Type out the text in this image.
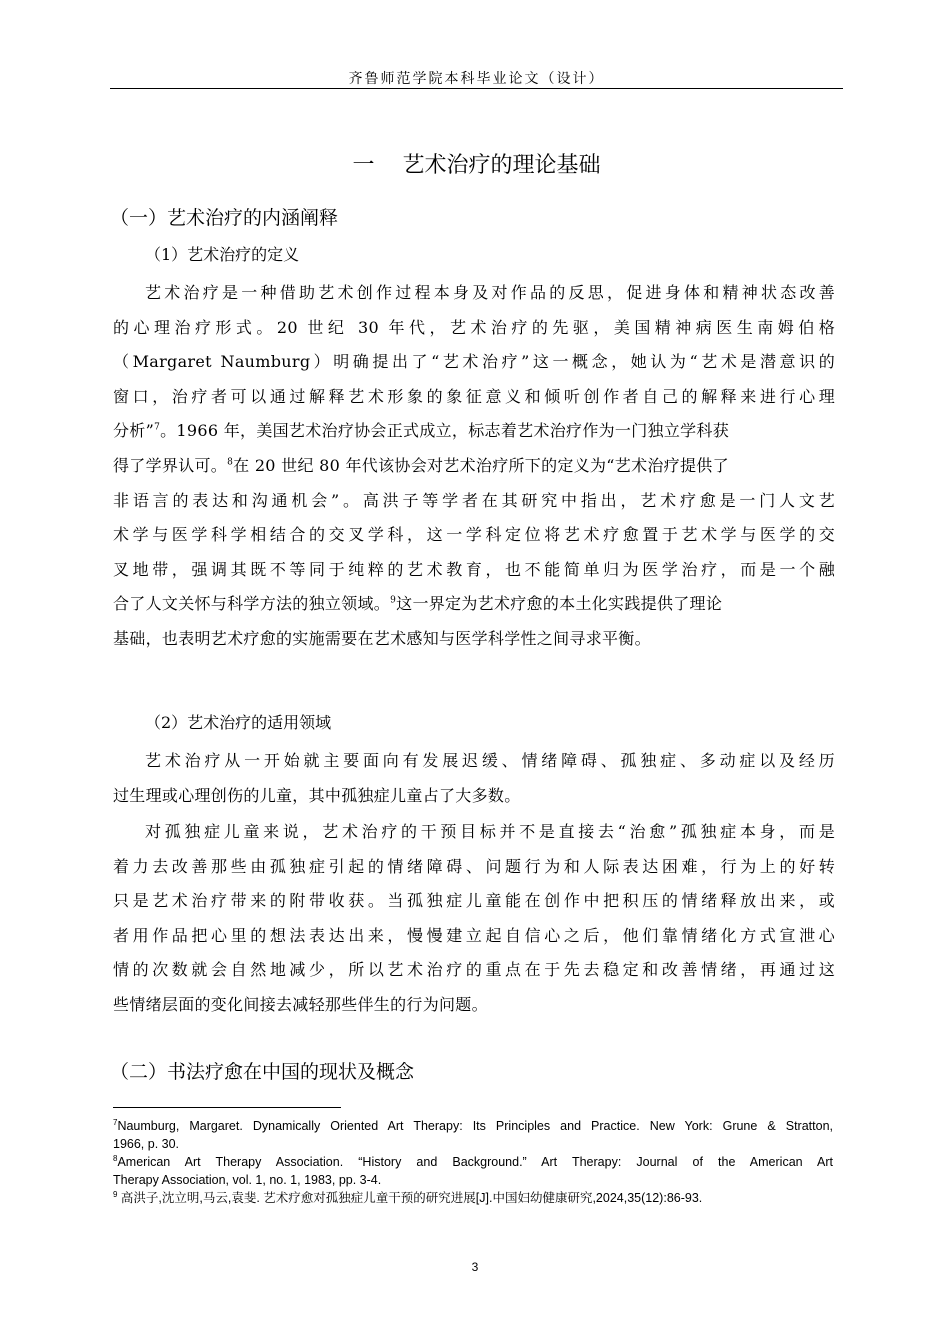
齐鲁师范学院本科毕业论文（设计）
一    艺术治疗的理论基础
（一）艺术治疗的内涵阐释
（1）艺术治疗的定义
艺术治疗是一种借助艺术创作过程本身及对作品的反思，促进身体和精神状态改善
的心理治疗形式。20 世纪 30 年代，艺术治疗的先驱，美国精神病医生南姆伯格
（Margaret Naumburg）明确提出了“艺术治疗”这一概念，她认为“艺术是潜意识的
窗口，治疗者可以通过解释艺术形象的象征意义和倾听创作者自己的解释来进行心理
分析”$^7$。1966 年，美国艺术治疗协会正式成立，标志着艺术治疗作为一门独立学科获
得了学界认可。$^8$在 20 世纪 80 年代该协会对艺术治疗所下的定义为“艺术治疗提供了
非语言的表达和沟通机会”。高洪子等学者在其研究中指出，艺术疗愈是一门人文艺
术学与医学科学相结合的交叉学科，这一学科定位将艺术疗愈置于艺术学与医学的交
叉地带，强调其既不等同于纯粹的艺术教育，也不能简单归为医学治疗，而是一个融
合了人文关怀与科学方法的独立领域。$^9$这一界定为艺术疗愈的本土化实践提供了理论
基础，也表明艺术疗愈的实施需要在艺术感知与医学科学性之间寻求平衡。
（2）艺术治疗的适用领域
艺术治疗从一开始就主要面向有发展迟缓、情绪障碍、孤独症、多动症以及经历
过生理或心理创伤的儿童，其中孤独症儿童占了大多数。
对孤独症儿童来说，艺术治疗的干预目标并不是直接去“治愈”孤独症本身，而是
着力去改善那些由孤独症引起的情绪障碍、问题行为和人际表达困难，行为上的好转
只是艺术治疗带来的附带收获。当孤独症儿童能在创作中把积压的情绪释放出来，或
者用作品把心里的想法表达出来，慢慢建立起自信心之后，他们靠情绪化方式宣泄心
情的次数就会自然地减少，所以艺术治疗的重点在于先去稳定和改善情绪，再通过这
些情绪层面的变化间接去减轻那些伴生的行为问题。
（二）书法疗愈在中国的现状及概念
$^7$Naumburg, Margaret. Dynamically Oriented Art Therapy: Its Principles and Practice. New York: Grune & Stratton,
1966, p. 30.
$^8$American Art Therapy Association. “History and Background.” Art Therapy: Journal of the American Art
Therapy Association, vol. 1, no. 1, 1983, pp. 3-4.
$^9$ 高洪子,沈立明,马云,袁斐. 艺术疗愈对孤独症儿童干预的研究进展[J].中国妇幼健康研究,2024,35(12):86-93.
3
